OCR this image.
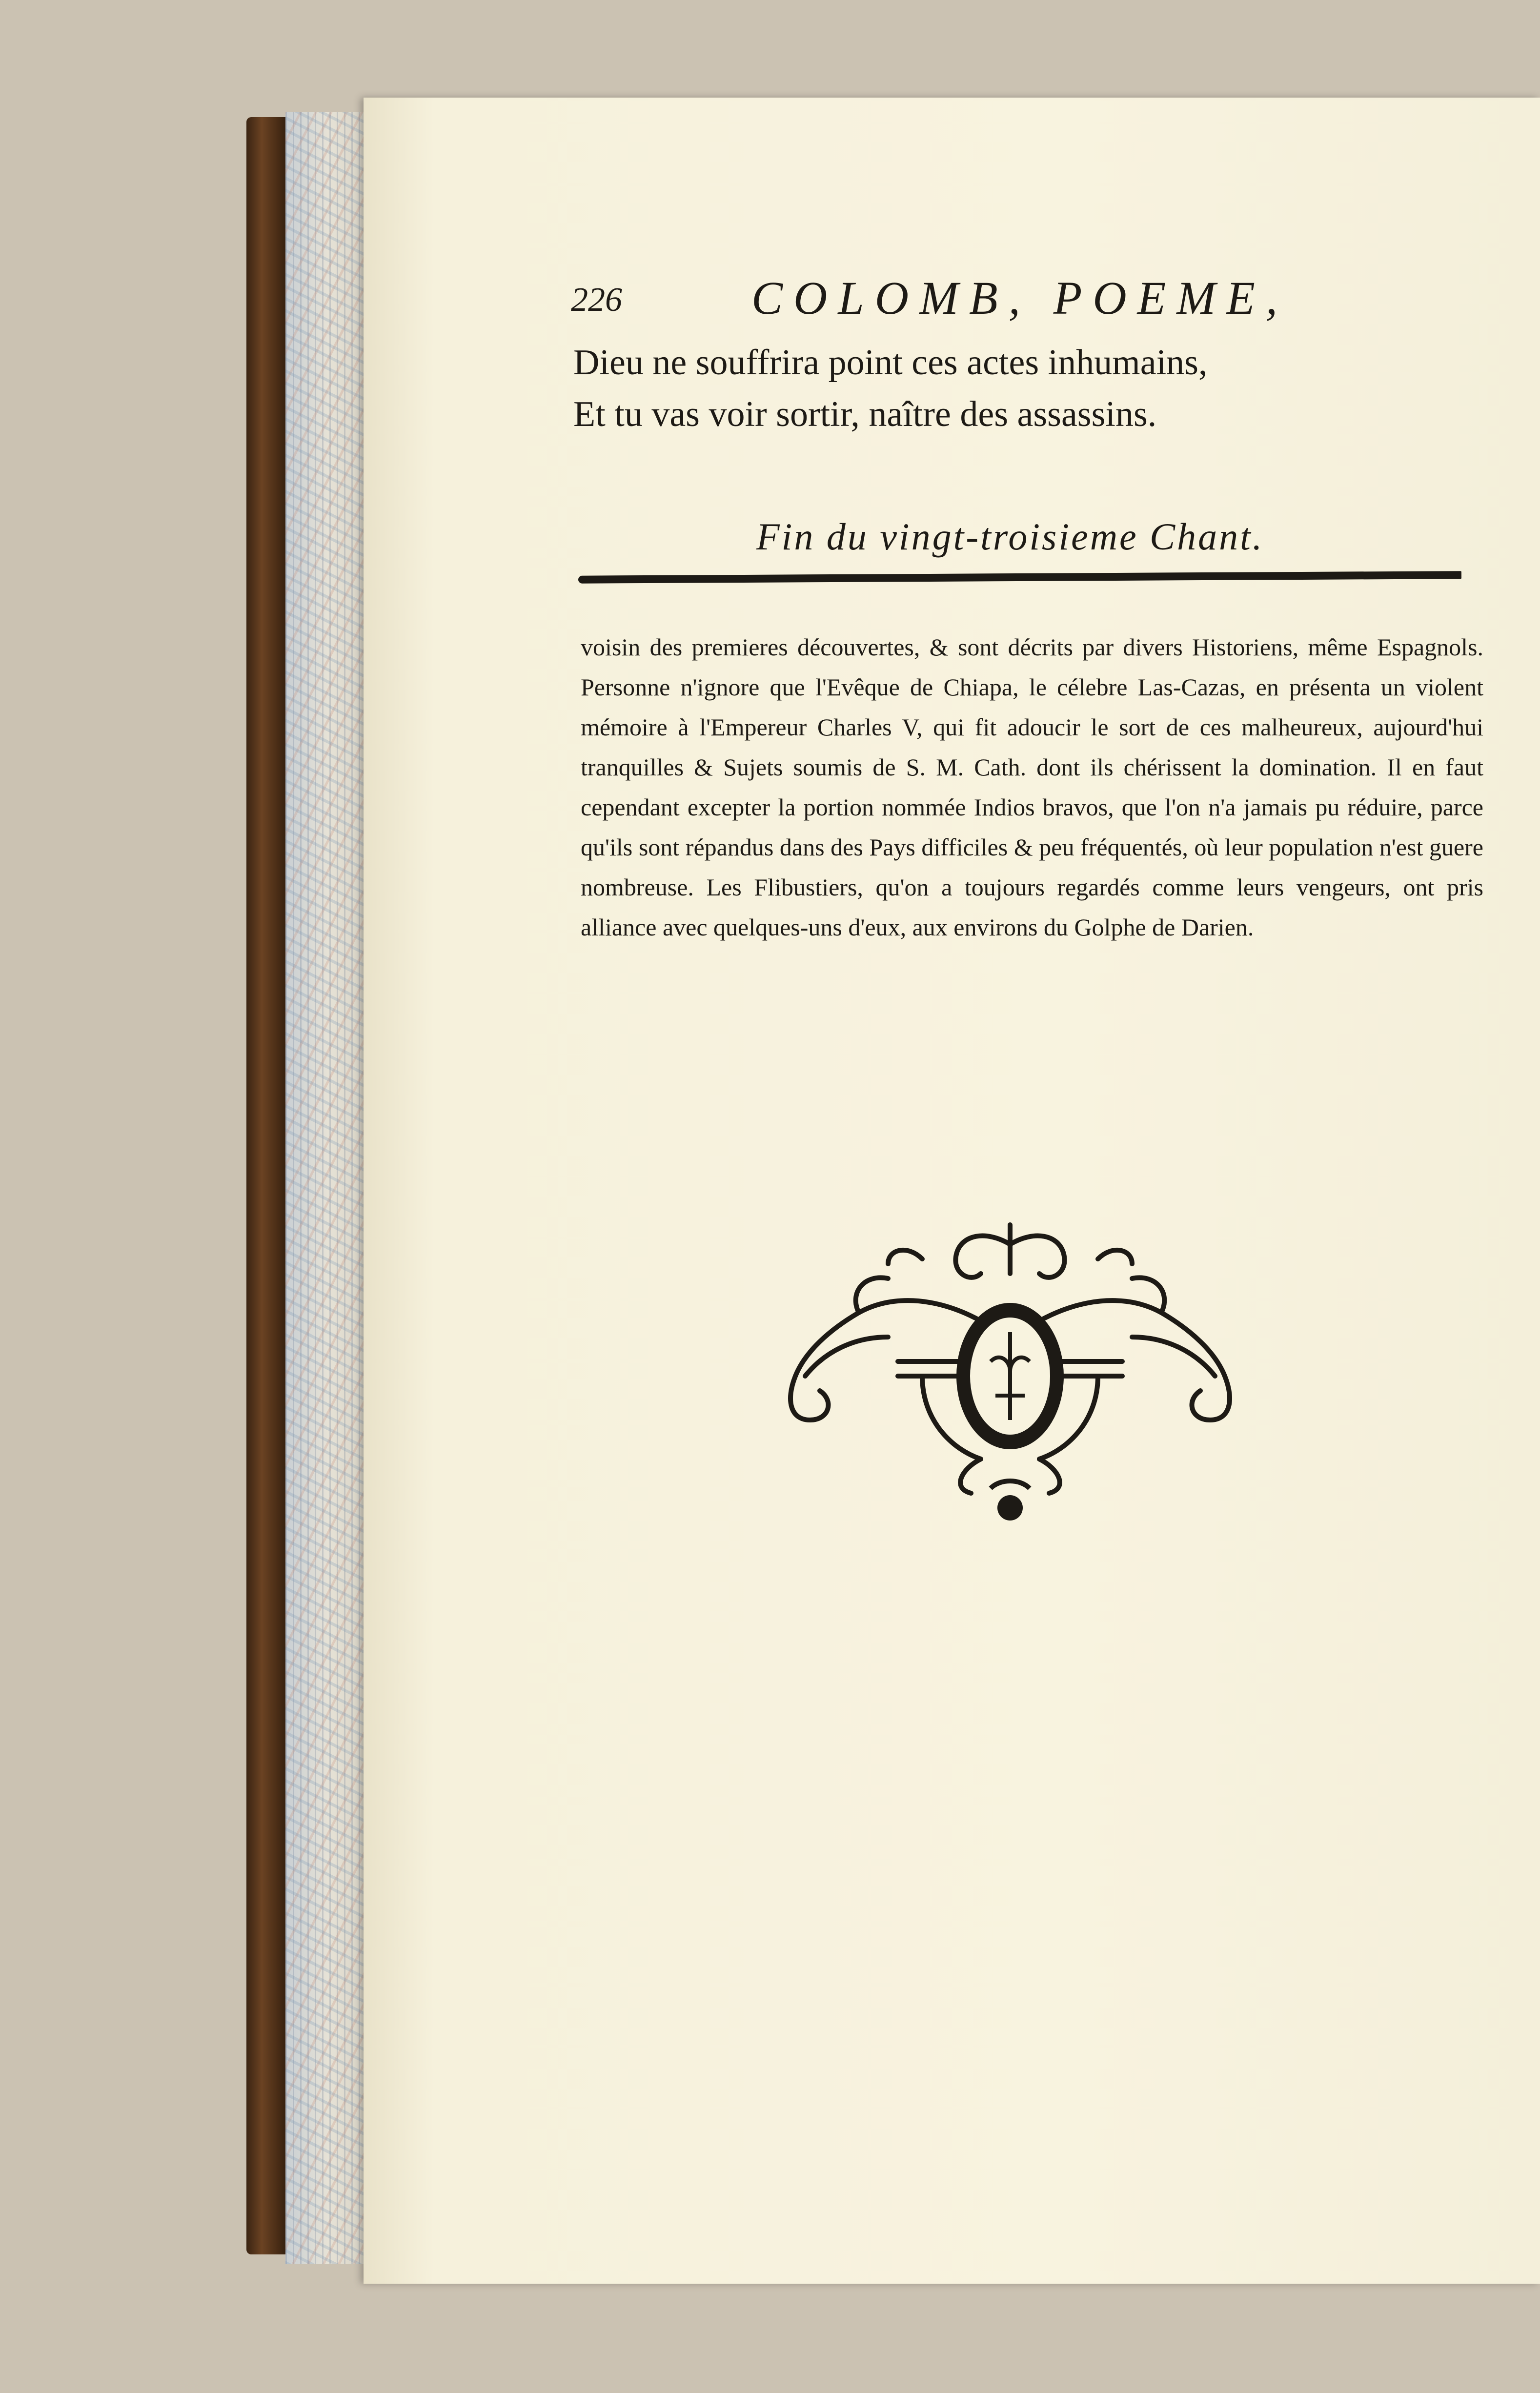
226	COLOMB, POEME,
Dieu ne souffrira point ces actes inhumains,
Et tu vas voir sortir, naître des assassins.
Fin du vingt-troisieme Chant.
voisin des premieres découvertes, & sont décrits par divers Historiens, même Espagnols. Personne n'ignore que l'Evêque de Chiapa, le célebre Las-Cazas, en présenta un violent mémoire à l'Empereur Charles V, qui fit adoucir le sort de ces malheureux, aujourd'hui tranquilles & Sujets soumis de S. M. Cath. dont ils chérissent la domination. Il en faut cependant excepter la portion nommée Indios bravos, que l'on n'a jamais pu réduire, parce qu'ils sont répandus dans des Pays difficiles & peu fréquentés, où leur population n'est guere nombreuse. Les Flibustiers, qu'on a toujours regardés comme leurs vengeurs, ont pris alliance avec quelques-uns d'eux, aux environs du Golphe de Darien.
